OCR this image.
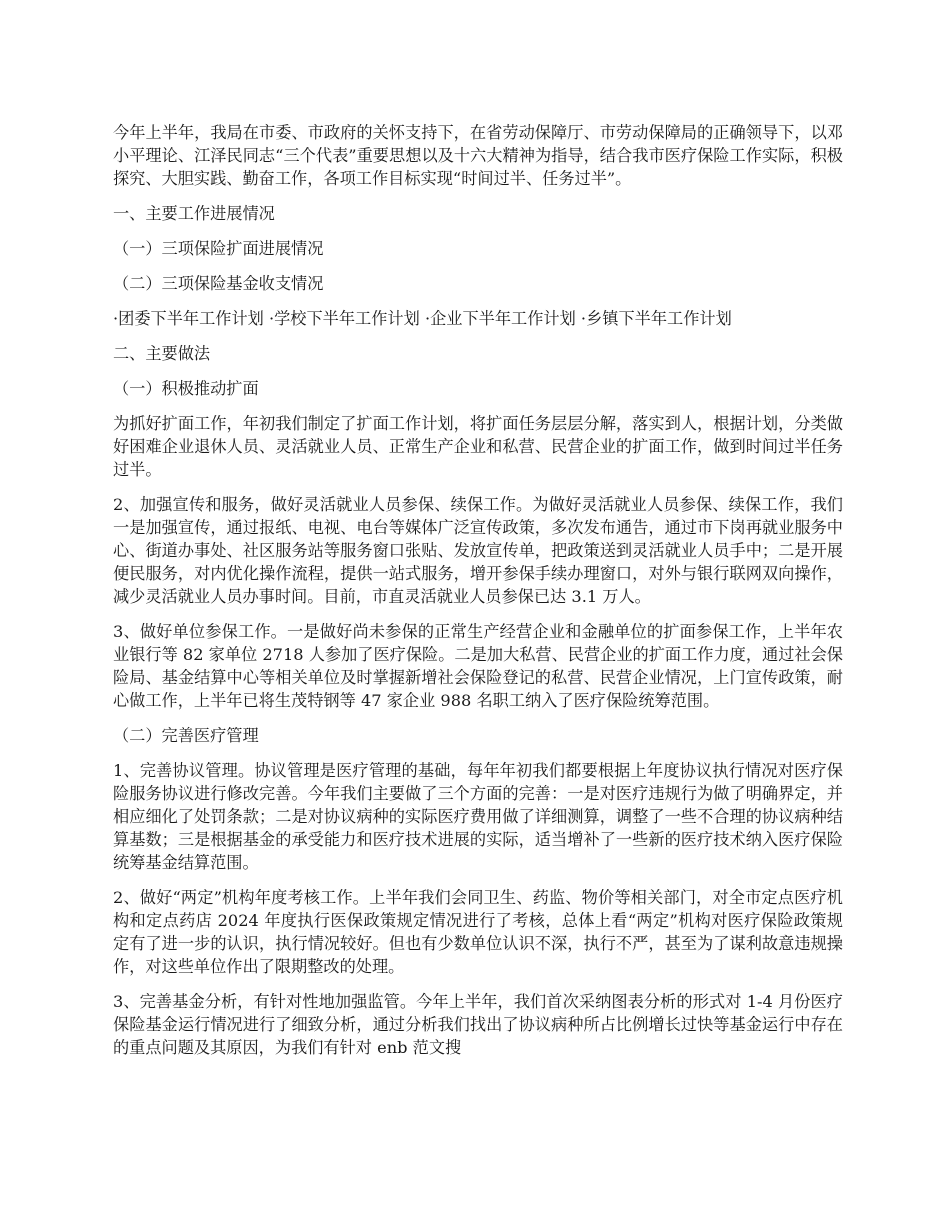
今年上半年，我局在市委、市政府的关怀支持下，在省劳动保障厅、市劳动保障局的正确领导下，以邓小平理论、江泽民同志“三个代表”重要思想以及十六大精神为指导，结合我市医疗保险工作实际，积极探究、大胆实践、勤奋工作，各项工作目标实现“时间过半、任务过半”。

一、主要工作进展情况

（一）三项保险扩面进展情况

（二）三项保险基金收支情况

·团委下半年工作计划 ·学校下半年工作计划 ·企业下半年工作计划 ·乡镇下半年工作计划

二、主要做法

（一）积极推动扩面

为抓好扩面工作，年初我们制定了扩面工作计划，将扩面任务层层分解，落实到人，根据计划，分类做好困难企业退休人员、灵活就业人员、正常生产企业和私营、民营企业的扩面工作，做到时间过半任务过半。

2、加强宣传和服务，做好灵活就业人员参保、续保工作。为做好灵活就业人员参保、续保工作，我们一是加强宣传，通过报纸、电视、电台等媒体广泛宣传政策，多次发布通告，通过市下岗再就业服务中心、街道办事处、社区服务站等服务窗口张贴、发放宣传单，把政策送到灵活就业人员手中；二是开展便民服务，对内优化操作流程，提供一站式服务，增开参保手续办理窗口，对外与银行联网双向操作，减少灵活就业人员办事时间。目前，市直灵活就业人员参保已达 3.1 万人。

3、做好单位参保工作。一是做好尚未参保的正常生产经营企业和金融单位的扩面参保工作，上半年农业银行等 82 家单位 2718 人参加了医疗保险。二是加大私营、民营企业的扩面工作力度，通过社会保险局、基金结算中心等相关单位及时掌握新增社会保险登记的私营、民营企业情况，上门宣传政策，耐心做工作，上半年已将生茂特钢等 47 家企业 988 名职工纳入了医疗保险统筹范围。

（二）完善医疗管理

1、完善协议管理。协议管理是医疗管理的基础，每年年初我们都要根据上年度协议执行情况对医疗保险服务协议进行修改完善。今年我们主要做了三个方面的完善：一是对医疗违规行为做了明确界定，并相应细化了处罚条款；二是对协议病种的实际医疗费用做了详细测算，调整了一些不合理的协议病种结算基数；三是根据基金的承受能力和医疗技术进展的实际，适当增补了一些新的医疗技术纳入医疗保险统筹基金结算范围。

2、做好“两定”机构年度考核工作。上半年我们会同卫生、药监、物价等相关部门，对全市定点医疗机构和定点药店 2024 年度执行医保政策规定情况进行了考核，总体上看“两定”机构对医疗保险政策规定有了进一步的认识，执行情况较好。但也有少数单位认识不深，执行不严，甚至为了谋利故意违规操作，对这些单位作出了限期整改的处理。

3、完善基金分析，有针对性地加强监管。今年上半年，我们首次采纳图表分析的形式对 1-4 月份医疗保险基金运行情况进行了细致分析，通过分析我们找出了协议病种所占比例增长过快等基金运行中存在的重点问题及其原因，为我们有针对 enb 范文搜
